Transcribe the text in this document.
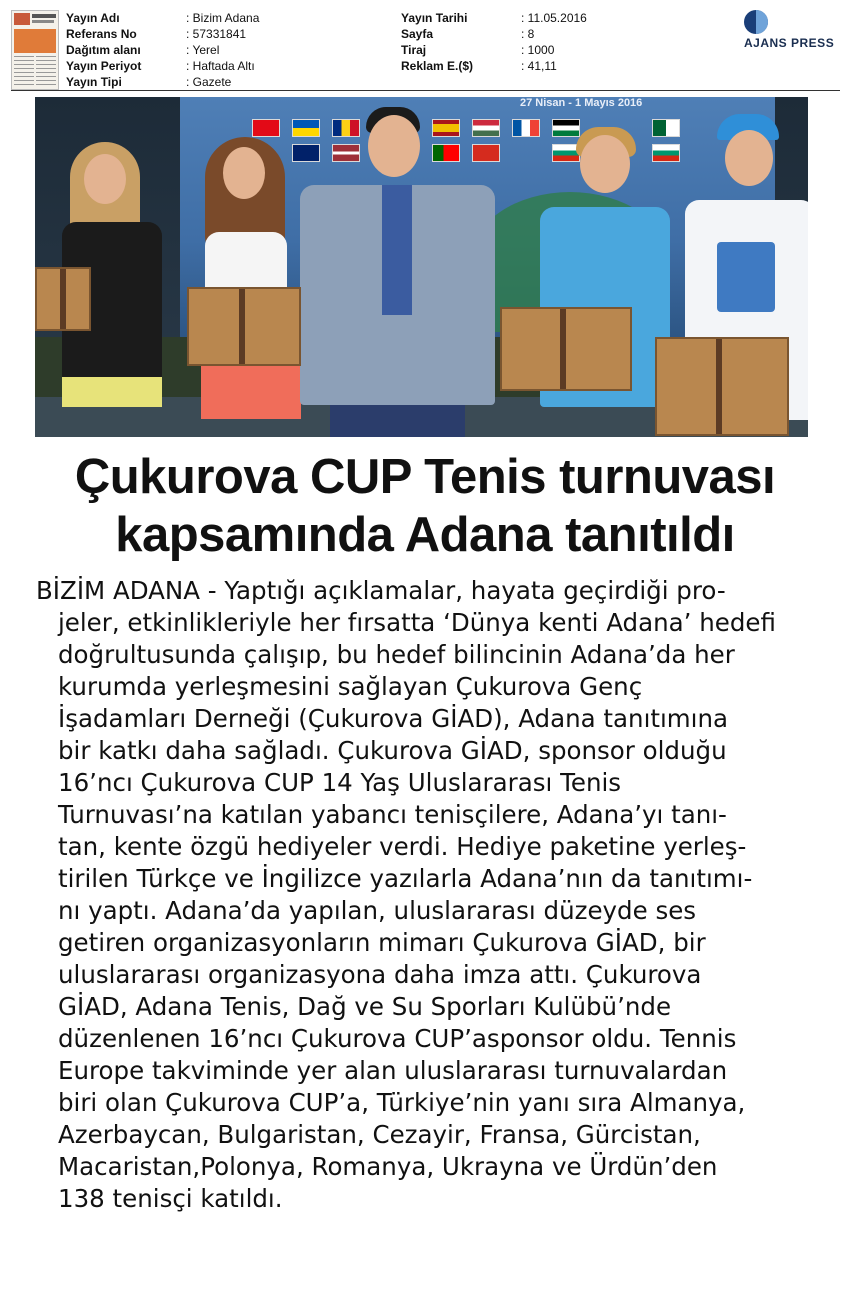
Yayın Adı	: Bizim Adana
Referans No	: 57331841
Dağıtım alanı	: Yerel
Yayın Periyot	: Haftada Altı
Yayın Tipi	: Gazete
Yayın Tarihi	: 11.05.2016
Sayfa	: 8
Tiraj	: 1000
Reklam E.($)	: 41,11
AJANS PRESS
27 Nisan - 1 Mayıs 2016
Çukurova CUP Tenis turnuvası
kapsamında Adana tanıtıldı
BİZİM ADANA - Yaptığı açıklamalar, hayata geçirdiği pro-
jeler, etkinlikleriyle her fırsatta ‘Dünya kenti Adana’ hedefi
doğrultusunda çalışıp, bu hedef bilincinin Adana’da her
kurumda yerleşmesini sağlayan Çukurova Genç
İşadamları Derneği (Çukurova GİAD), Adana tanıtımına
bir katkı daha sağladı. Çukurova GİAD, sponsor olduğu
16’ncı Çukurova CUP 14 Yaş Uluslararası Tenis
Turnuvası’na katılan yabancı tenisçilere, Adana’yı tanı-
tan, kente özgü hediyeler verdi. Hediye paketine yerleş-
tirilen Türkçe ve İngilizce yazılarla Adana’nın da tanıtımı-
nı yaptı. Adana’da yapılan, uluslararası düzeyde ses
getiren organizasyonların mimarı Çukurova GİAD, bir
uluslararası organizasyona daha imza attı. Çukurova
GİAD, Adana Tenis, Dağ ve Su Sporları Kulübü’nde
düzenlenen 16’ncı Çukurova CUP’asponsor oldu. Tennis
Europe takviminde yer alan uluslararası turnuvalardan
biri olan Çukurova CUP’a, Türkiye’nin yanı sıra Almanya,
Azerbaycan, Bulgaristan, Cezayir, Fransa, Gürcistan,
Macaristan,Polonya, Romanya, Ukrayna ve Ürdün’den
138 tenisçi katıldı.
